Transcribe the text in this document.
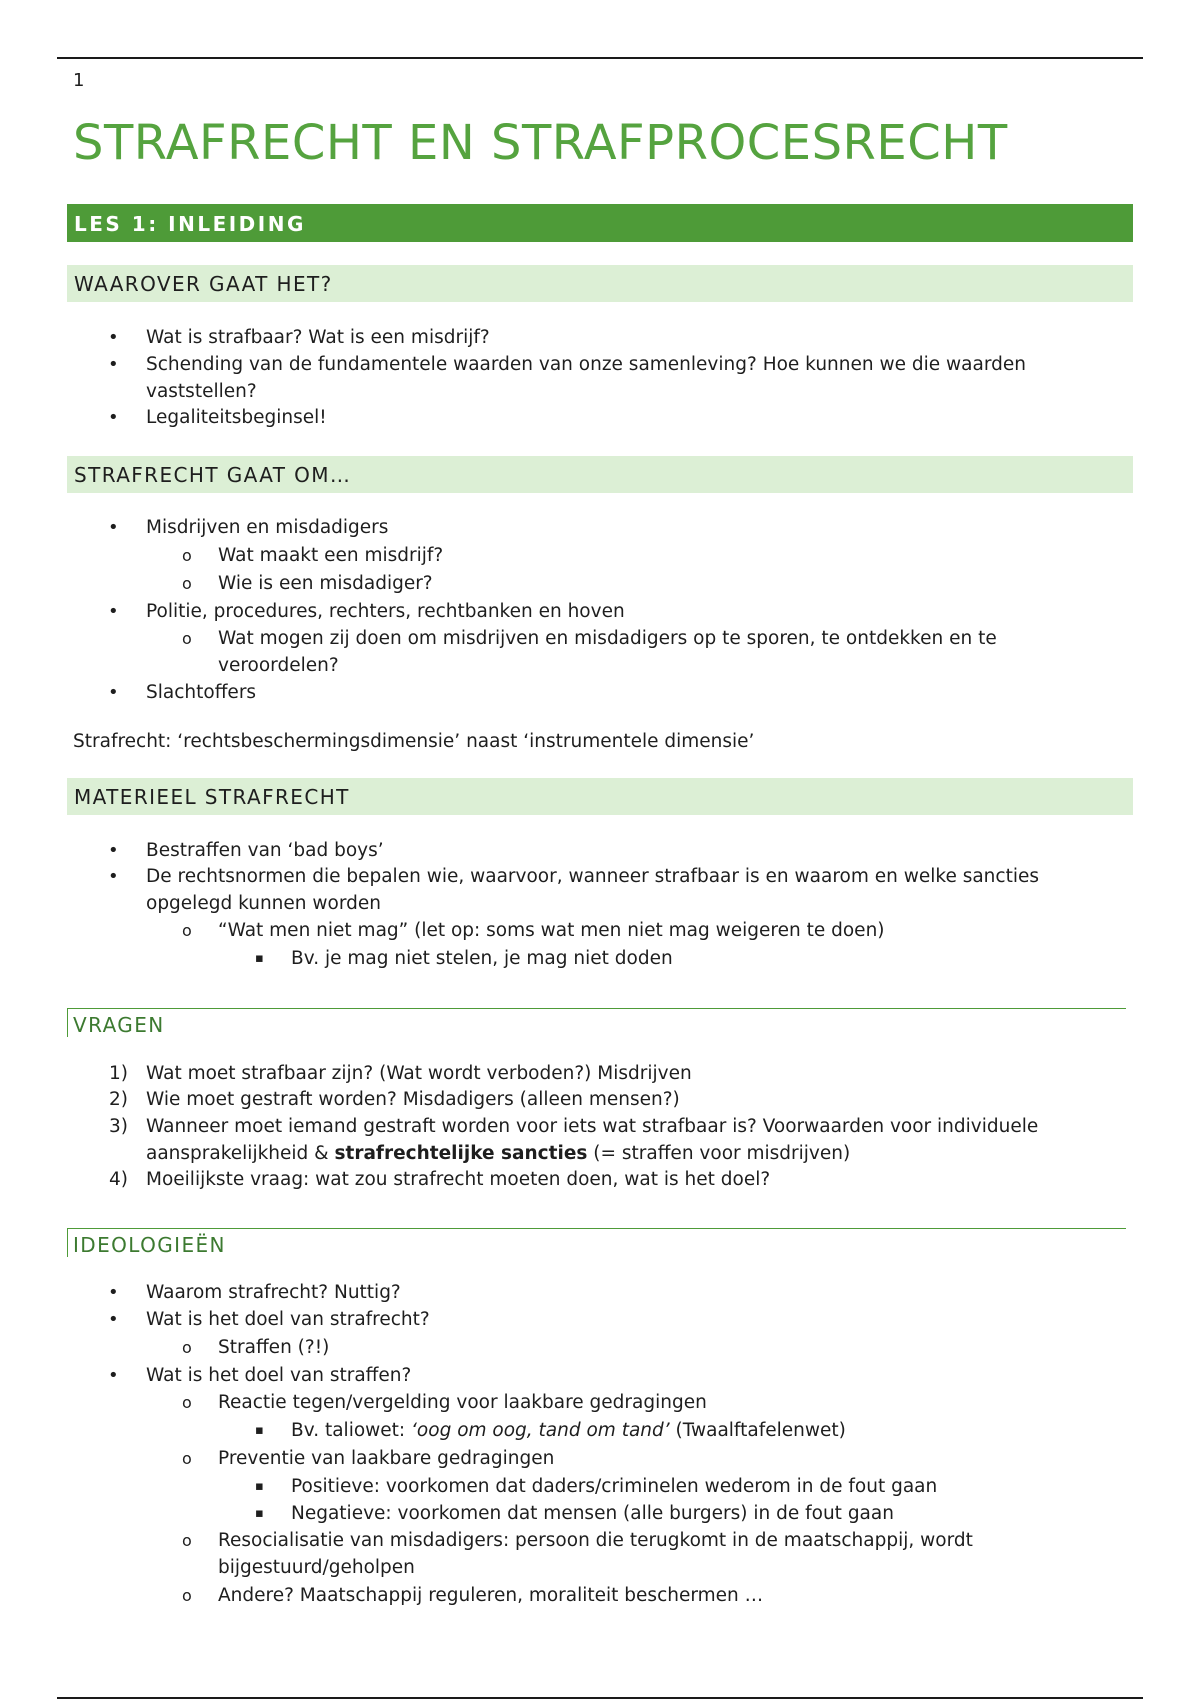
1
STRAFRECHT EN STRAFPROCESRECHT
LES 1: INLEIDING
WAAROVER GAAT HET?
• Wat is strafbaar? Wat is een misdrijf?
• Schending van de fundamentele waarden van onze samenleving? Hoe kunnen we die waarden
vaststellen?
• Legaliteitsbeginsel!
STRAFRECHT GAAT OM…
• Misdrijven en misdadigers
o Wat maakt een misdrijf?
o Wie is een misdadiger?
• Politie, procedures, rechters, rechtbanken en hoven
o Wat mogen zij doen om misdrijven en misdadigers op te sporen, te ontdekken en te
veroordelen?
• Slachtoffers
Strafrecht: ‘rechtsbeschermingsdimensie’ naast ‘instrumentele dimensie’
MATERIEEL STRAFRECHT
• Bestraffen van ‘bad boys’
• De rechtsnormen die bepalen wie, waarvoor, wanneer strafbaar is en waarom en welke sancties
opgelegd kunnen worden
o “Wat men niet mag” (let op: soms wat men niet mag weigeren te doen)
▪ Bv. je mag niet stelen, je mag niet doden
VRAGEN
1) Wat moet strafbaar zijn? (Wat wordt verboden?) Misdrijven
2) Wie moet gestraft worden? Misdadigers (alleen mensen?)
3) Wanneer moet iemand gestraft worden voor iets wat strafbaar is? Voorwaarden voor individuele
aansprakelijkheid & strafrechtelijke sancties (= straffen voor misdrijven)
4) Moeilijkste vraag: wat zou strafrecht moeten doen, wat is het doel?
IDEOLOGIEËN
• Waarom strafrecht? Nuttig?
• Wat is het doel van strafrecht?
o Straffen (?!)
• Wat is het doel van straffen?
o Reactie tegen/vergelding voor laakbare gedragingen
▪ Bv. taliowet: ‘oog om oog, tand om tand’ (Twaalftafelenwet)
o Preventie van laakbare gedragingen
▪ Positieve: voorkomen dat daders/criminelen wederom in de fout gaan
▪ Negatieve: voorkomen dat mensen (alle burgers) in de fout gaan
o Resocialisatie van misdadigers: persoon die terugkomt in de maatschappij, wordt
bijgestuurd/geholpen
o Andere? Maatschappij reguleren, moraliteit beschermen …
